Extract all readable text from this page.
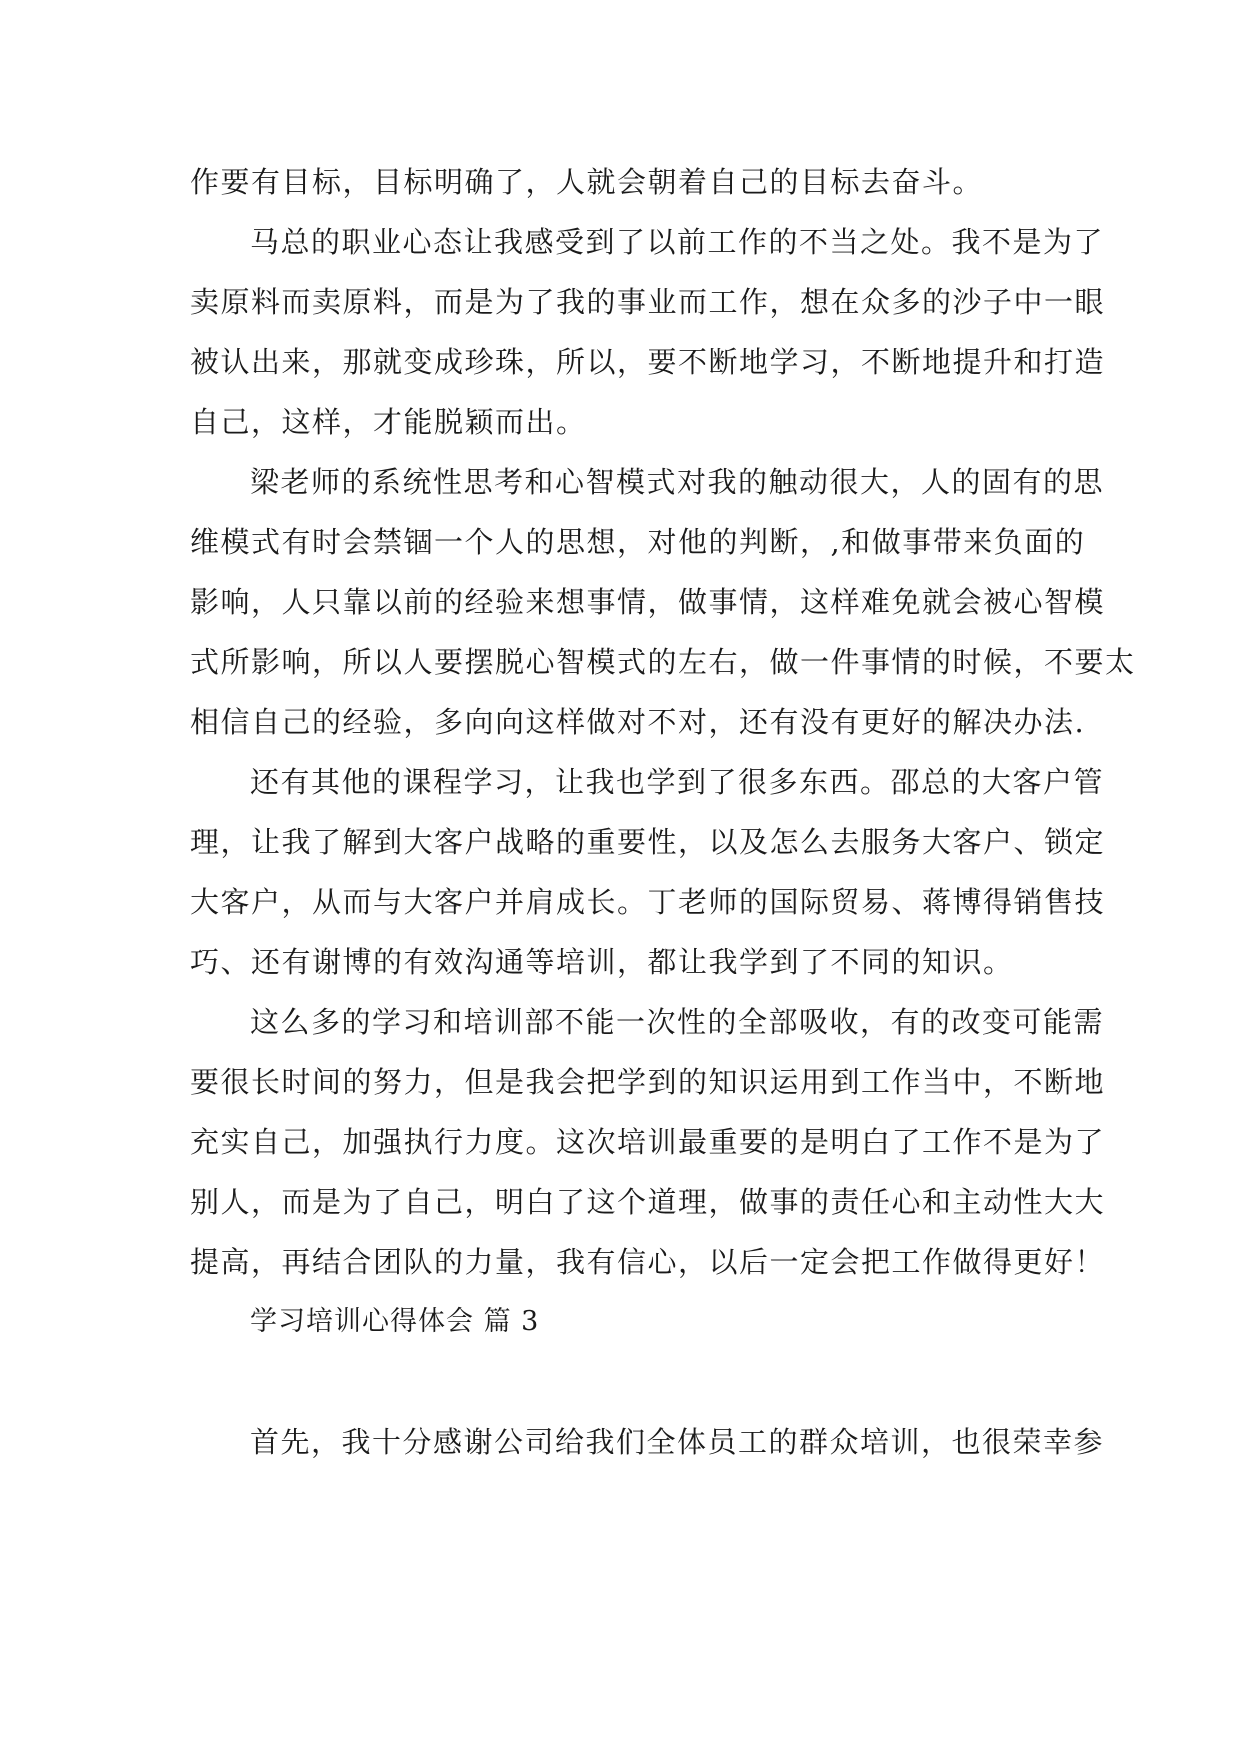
作要有目标，目标明确了，人就会朝着自己的目标去奋斗。
马总的职业心态让我感受到了以前工作的不当之处。我不是为了
卖原料而卖原料，而是为了我的事业而工作，想在众多的沙子中一眼
被认出来，那就变成珍珠，所以，要不断地学习，不断地提升和打造
自己，这样，才能脱颖而出。
梁老师的系统性思考和心智模式对我的触动很大，人的固有的思
维模式有时会禁锢一个人的思想，对他的判断，,和做事带来负面的
影响，人只靠以前的经验来想事情，做事情，这样难免就会被心智模
式所影响，所以人要摆脱心智模式的左右，做一件事情的时候，不要太
相信自己的经验，多向向这样做对不对，还有没有更好的解决办法.
还有其他的课程学习，让我也学到了很多东西。邵总的大客户管
理，让我了解到大客户战略的重要性，以及怎么去服务大客户、锁定
大客户，从而与大客户并肩成长。丁老师的国际贸易、蒋博得销售技
巧、还有谢博的有效沟通等培训，都让我学到了不同的知识。
这么多的学习和培训部不能一次性的全部吸收，有的改变可能需
要很长时间的努力，但是我会把学到的知识运用到工作当中，不断地
充实自己，加强执行力度。这次培训最重要的是明白了工作不是为了
别人，而是为了自己，明白了这个道理，做事的责任心和主动性大大
提高，再结合团队的力量，我有信心，以后一定会把工作做得更好！
学习培训心得体会 篇 3
首先，我十分感谢公司给我们全体员工的群众培训，也很荣幸参
